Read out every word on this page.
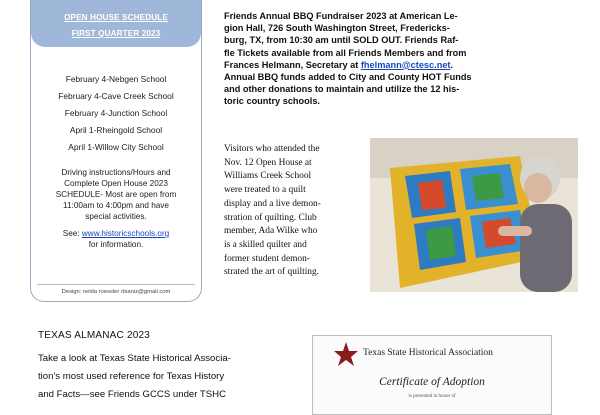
OPEN HOUSE SCHEDULE
FIRST QUARTER 2023
February 4-Nebgen School
February 4-Cave Creek School
February 4-Junction School
April 1-Rheingold School
April 1-Willow City School
Driving instructions/Hours and
Complete Open House 2023
SCHEDULE- Most are open from
11:00am to 4:00pm and have
special activities.
See: www.historicschools.org
for information.
Design: nelda roessler rbianiz@gmail.com
Friends Annual BBQ Fundraiser 2023 at American Le-
gion Hall, 726 South Washington Street, Fredericks-
burg, TX, from 10:30 am until SOLD OUT. Friends Raf-
fle Tickets available from all Friends Members and from
Frances Helmann, Secretary at fhelmann@ctesc.net.
Annual BBQ funds added to City and County HOT Funds
and other donations to maintain and utilize the 12 his-
toric country schools.
Visitors who attended the
Nov. 12 Open House at
Williams Creek School
were treated to a quilt
display and a live demon-
stration of quilting. Club
member, Ada Wilke who
is a skilled quilter and
former student demon-
strated the art of quilting.
TEXAS ALMANAC 2023
Take a look at Texas State Historical Associa-
tion's most used reference for Texas History
and Facts—see Friends GCCS under TSHC
Texas State Historical Association
Certificate of Adoption
is presented in honor of
